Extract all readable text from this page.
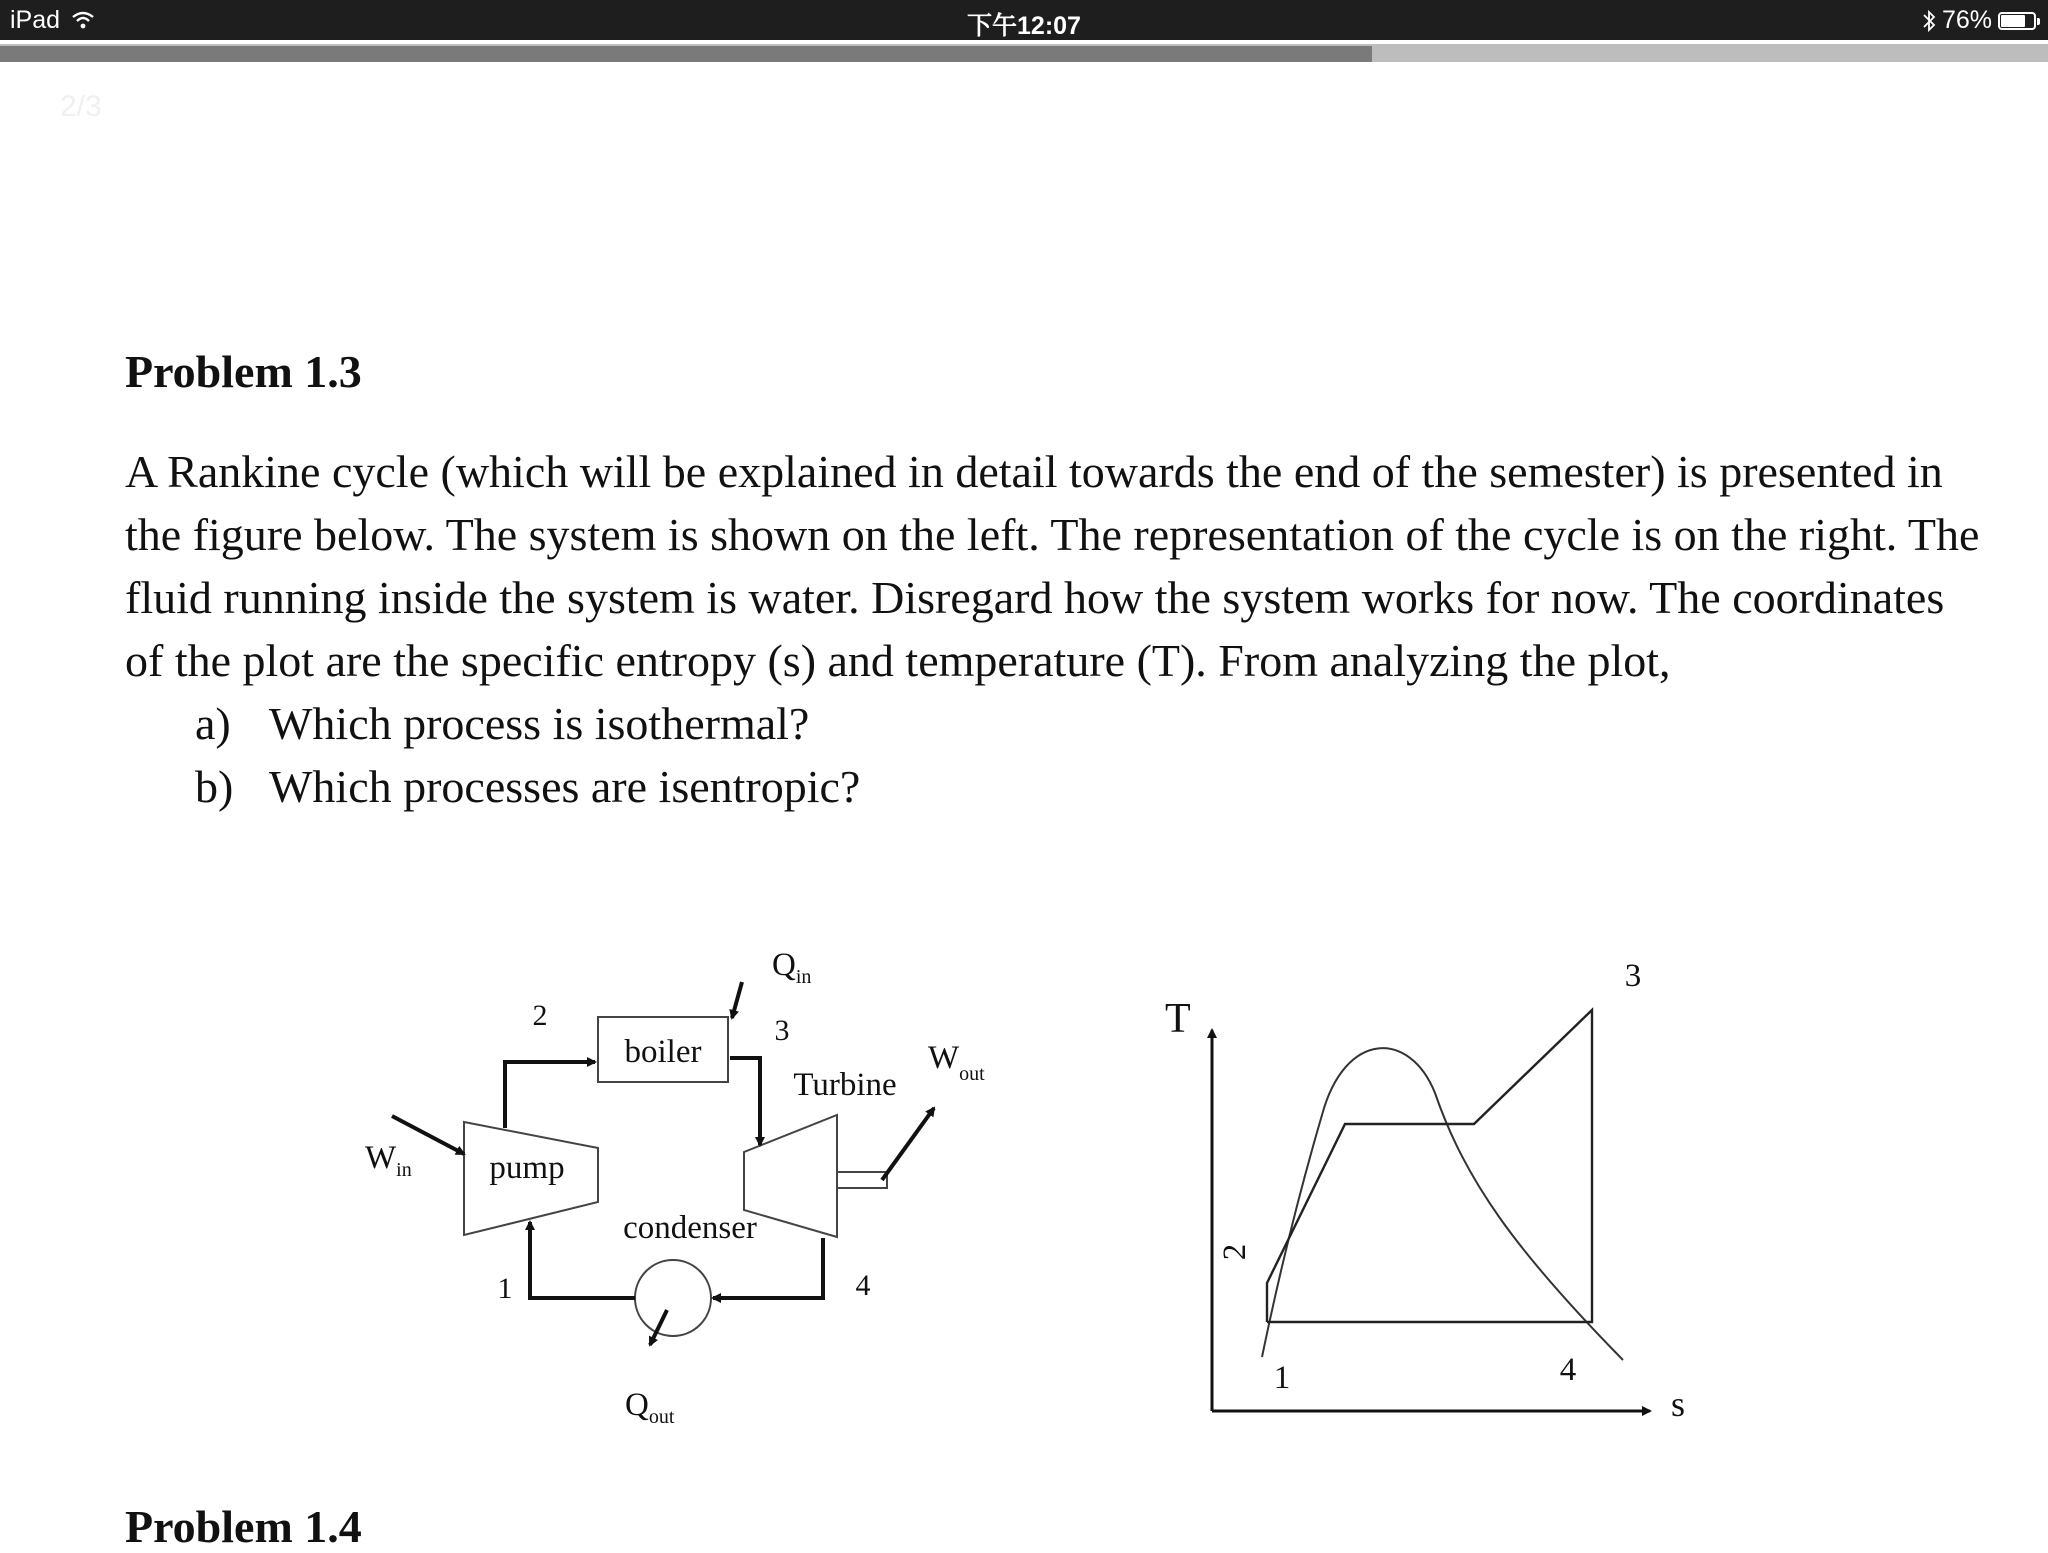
iPad	下午12:07	76%
2/3

Problem 1.3

A Rankine cycle (which will be explained in detail towards the end of the semester) is presented in the figure below. The system is shown on the left. The representation of the cycle is on the right. The fluid running inside the system is water. Disregard how the system works for now. The coordinates of the plot are the specific entropy (s) and temperature (T). From analyzing the plot,

a) Which process is isothermal?
b) Which processes are isentropic?
boiler
pump
Turbine
condenser
$Q_{in}$
$Q_{out}$
$W_{in}$
$W_{out}$
1
2	3
4
T
s
1
2
3
4
Problem 1.4
